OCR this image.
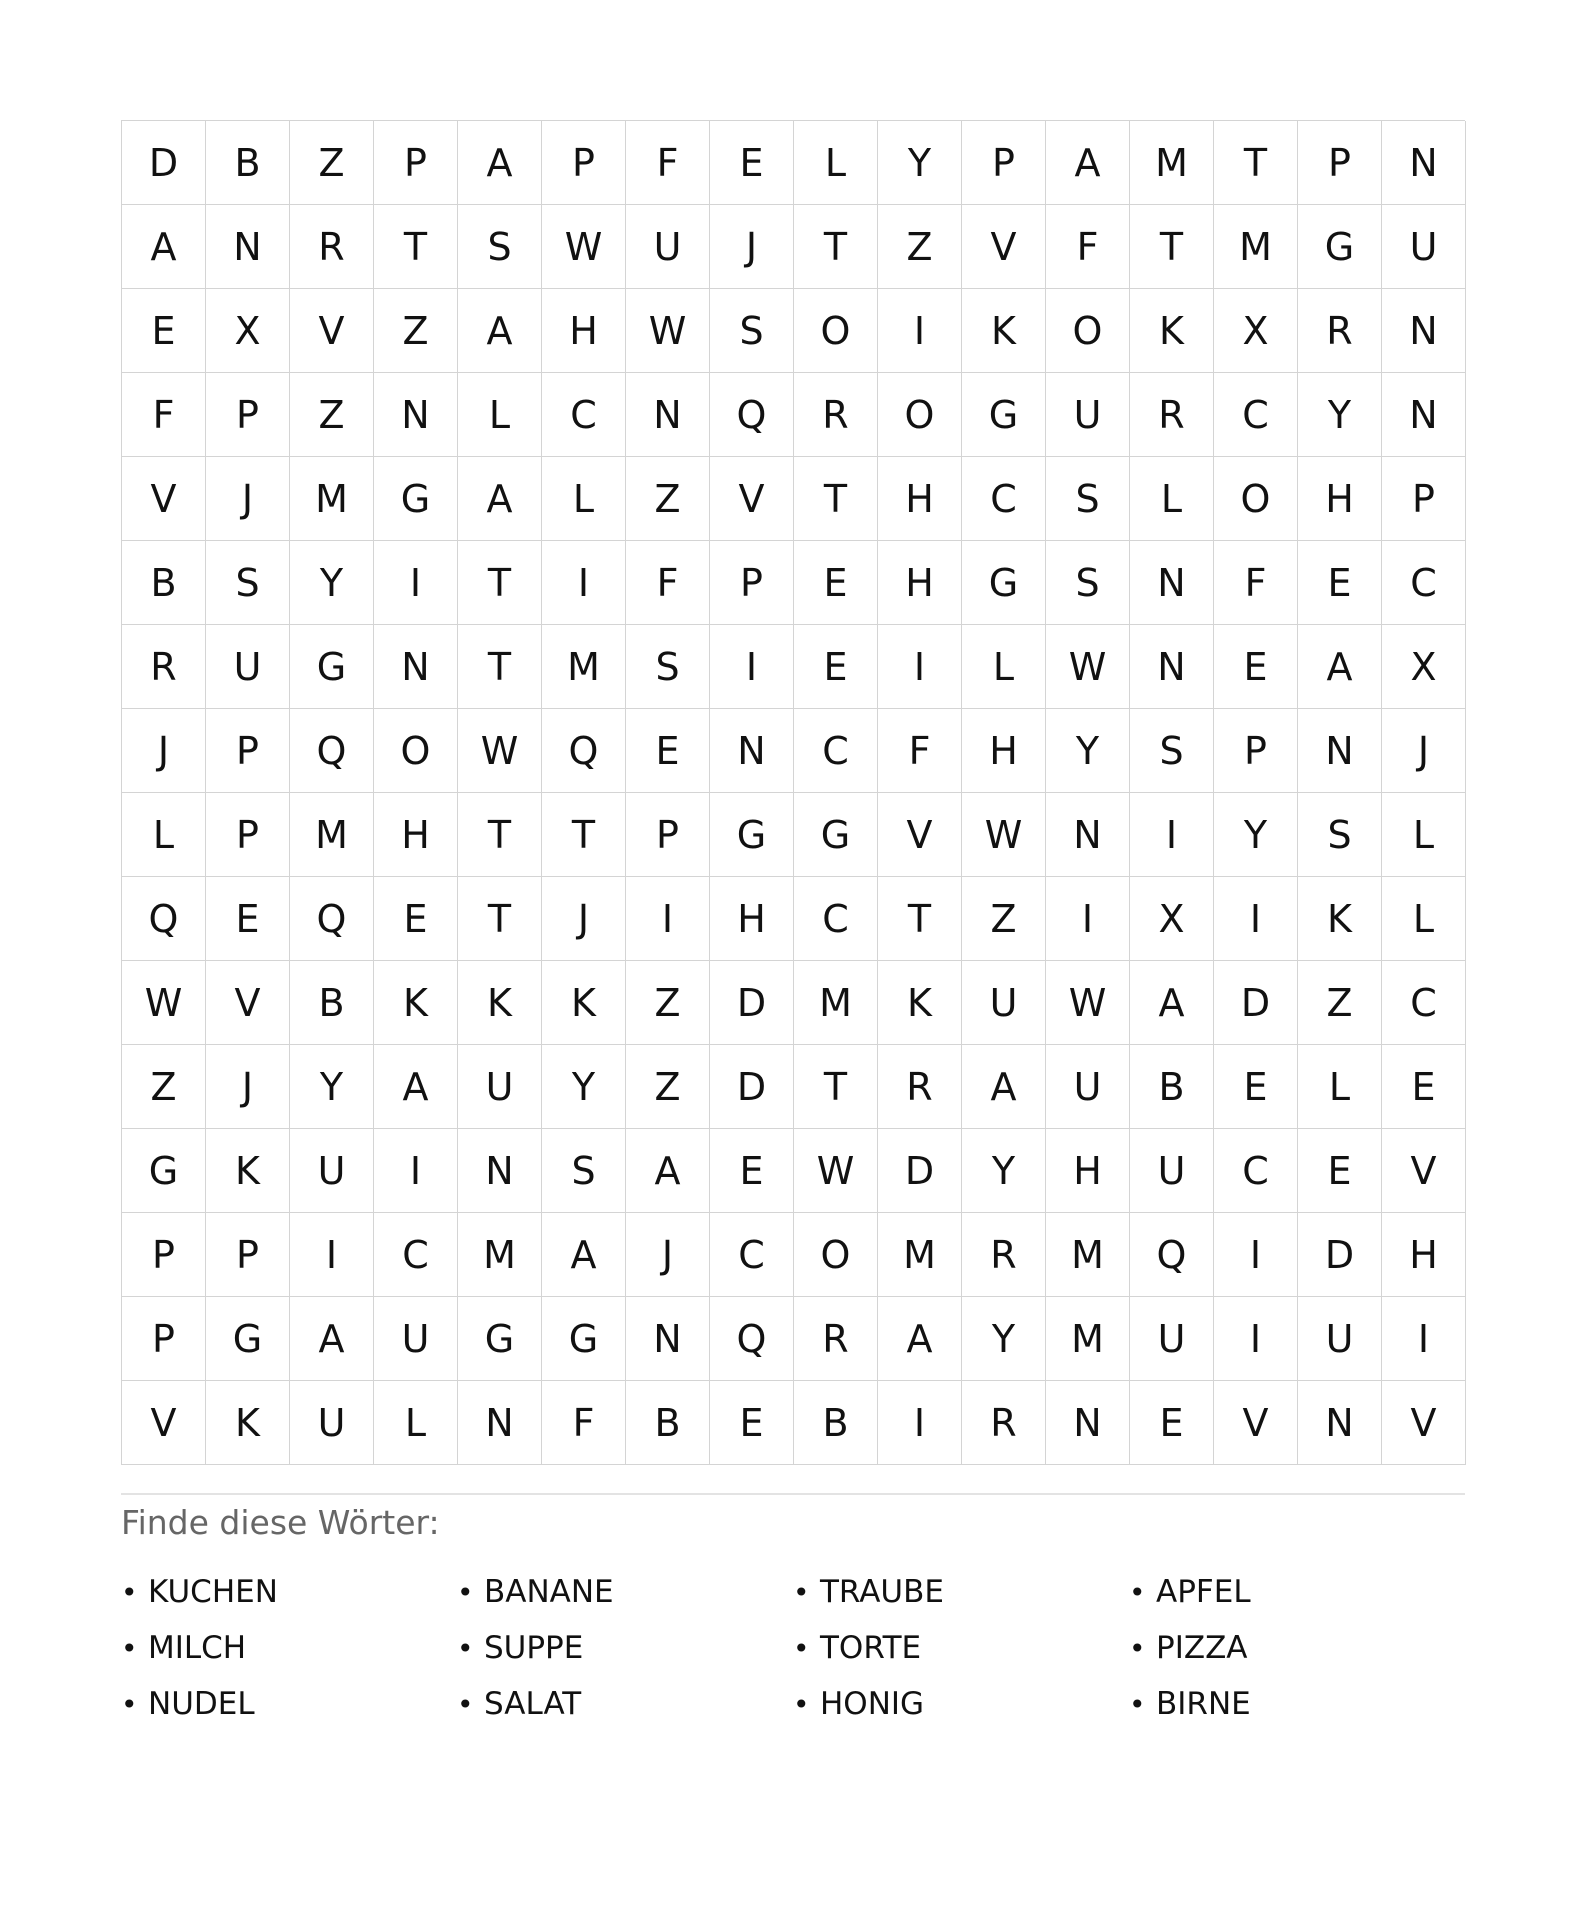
D	B	Z	P	A	P	F	E	L	Y	P	A	M	T	P	N
A	N	R	T	S	W	U	J	T	Z	V	F	T	M	G	U
E	X	V	Z	A	H	W	S	O	I	K	O	K	X	R	N
F	P	Z	N	L	C	N	Q	R	O	G	U	R	C	Y	N
V	J	M	G	A	L	Z	V	T	H	C	S	L	O	H	P
B	S	Y	I	T	I	F	P	E	H	G	S	N	F	E	C
R	U	G	N	T	M	S	I	E	I	L	W	N	E	A	X
J	P	Q	O	W	Q	E	N	C	F	H	Y	S	P	N	J
L	P	M	H	T	T	P	G	G	V	W	N	I	Y	S	L
Q	E	Q	E	T	J	I	H	C	T	Z	I	X	I	K	L
W	V	B	K	K	K	Z	D	M	K	U	W	A	D	Z	C
Z	J	Y	A	U	Y	Z	D	T	R	A	U	B	E	L	E
G	K	U	I	N	S	A	E	W	D	Y	H	U	C	E	V
P	P	I	C	M	A	J	C	O	M	R	M	Q	I	D	H
P	G	A	U	G	G	N	Q	R	A	Y	M	U	I	U	I
V	K	U	L	N	F	B	E	B	I	R	N	E	V	N	V
Finde diese Wörter:
• KUCHEN
• MILCH
• NUDEL
• BANANE
• SUPPE
• SALAT
• TRAUBE
• TORTE
• HONIG
• APFEL
• PIZZA
• BIRNE
